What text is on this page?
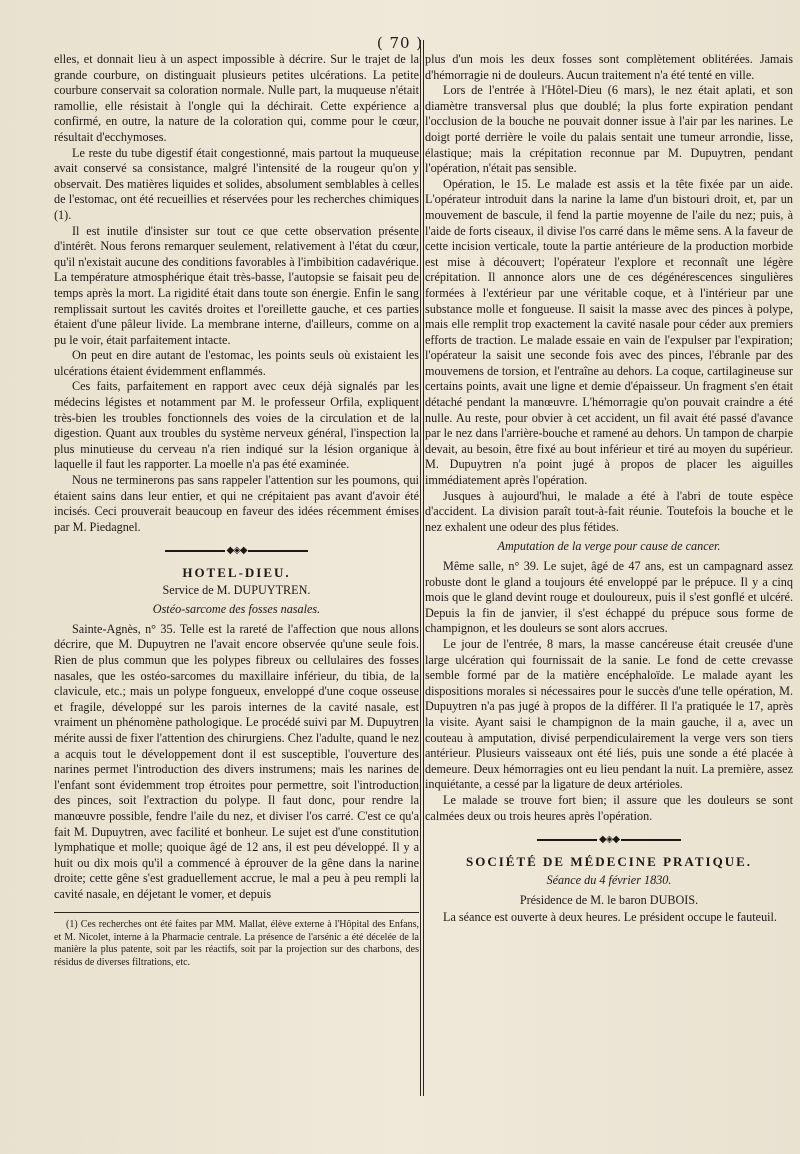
( 70 )

elles, et donnait lieu à un aspect impossible à décrire. Sur le trajet de la grande courbure, on distinguait plusieurs petites ulcérations. La petite courbure conservait sa coloration normale. Nulle part, la muqueuse n'était ramollie, elle résistait à l'ongle qui la déchirait. Cette expérience a confirmé, en outre, la nature de la coloration qui, comme pour le cœur, résultait d'ecchymoses.

Le reste du tube digestif était congestionné, mais partout la muqueuse avait conservé sa consistance, malgré l'intensité de la rougeur qu'on y observait. Des matières liquides et solides, absolument semblables à celles de l'estomac, ont été recueillies et réservées pour les recherches chimiques (1).

Il est inutile d'insister sur tout ce que cette observation présente d'intérêt. Nous ferons remarquer seulement, relativement à l'état du cœur, qu'il n'existait aucune des conditions favorables à l'imbibition cadavérique. La température atmosphérique était très-basse, l'autopsie se faisait peu de temps après la mort. La rigidité était dans toute son énergie. Enfin le sang remplissait surtout les cavités droites et l'oreillette gauche, et ces parties étaient d'une pâleur livide. La membrane interne, d'ailleurs, comme on a pu le voir, était parfaitement intacte.

On peut en dire autant de l'estomac, les points seuls où existaient les ulcérations étaient évidemment enflammés.

Ces faits, parfaitement en rapport avec ceux déjà signalés par les médecins légistes et notamment par M. le professeur Orfila, expliquent très-bien les troubles fonctionnels des voies de la circulation et de la digestion. Quant aux troubles du système nerveux général, l'inspection la plus minutieuse du cerveau n'a rien indiqué sur la lésion organique à laquelle il faut les rapporter. La moelle n'a pas été examinée.

Nous ne terminerons pas sans rappeler l'attention sur les poumons, qui étaient sains dans leur entier, et qui ne crépitaient pas avant d'avoir été incisés. Ceci prouverait beaucoup en faveur des idées récemment émises par M. Piedagnel.

◆◈◆
HOTEL-DIEU.
Service de M. DUPUYTREN.
Ostéo-sarcome des fosses nasales.

Sainte-Agnès, n° 35. Telle est la rareté de l'affection que nous allons décrire, que M. Dupuytren ne l'avait encore observée qu'une seule fois. Rien de plus commun que les polypes fibreux ou cellulaires des fosses nasales, que les ostéo-sarcomes du maxillaire inférieur, du tibia, de la clavicule, etc.; mais un polype fongueux, enveloppé d'une coque osseuse et fragile, développé sur les parois internes de la cavité nasale, est vraiment un phénomène pathologique. Le procédé suivi par M. Dupuytren mérite aussi de fixer l'attention des chirurgiens. Chez l'adulte, quand le nez a acquis tout le développement dont il est susceptible, l'ouverture des narines permet l'introduction des divers instrumens; mais les narines de l'enfant sont évidemment trop étroites pour permettre, soit l'introduction des pinces, soit l'extraction du polype. Il faut donc, pour rendre la manœuvre possible, fendre l'aile du nez, et diviser l'os carré. C'est ce qu'a fait M. Dupuytren, avec facilité et bonheur. Le sujet est d'une constitution lymphatique et molle; quoique âgé de 12 ans, il est peu développé. Il y a huit ou dix mois qu'il a commencé à éprouver de la gêne dans la narine droite; cette gêne s'est graduellement accrue, le mal a peu à peu rempli la cavité nasale, en déjetant le vomer, et depuis

(1) Ces recherches ont été faites par MM. Mallat, élève externe à l'Hôpital des Enfans, et M. Nicolet, interne à la Pharmacie centrale. La présence de l'arsénic a été décelée de la manière la plus patente, soit par les réactifs, soit par la projection sur des charbons, des résidus de diverses filtrations, etc.

plus d'un mois les deux fosses sont complètement oblitérées. Jamais d'hémorragie ni de douleurs. Aucun traitement n'a été tenté en ville.

Lors de l'entrée à l'Hôtel-Dieu (6 mars), le nez était aplati, et son diamètre transversal plus que doublé; la plus forte expiration pendant l'occlusion de la bouche ne pouvait donner issue à l'air par les narines. Le doigt porté derrière le voile du palais sentait une tumeur arrondie, lisse, élastique; mais la crépitation reconnue par M. Dupuytren, pendant l'opération, n'était pas sensible.

Opération, le 15. Le malade est assis et la tête fixée par un aide. L'opérateur introduit dans la narine la lame d'un bistouri droit, et, par un mouvement de bascule, il fend la partie moyenne de l'aile du nez; puis, à l'aide de forts ciseaux, il divise l'os carré dans le même sens. A la faveur de cette incision verticale, toute la partie antérieure de la production morbide est mise à découvert; l'opérateur l'explore et reconnaît une légère crépitation. Il annonce alors une de ces dégénérescences singulières formées à l'extérieur par une véritable coque, et à l'intérieur par une substance molle et fongueuse. Il saisit la masse avec des pinces à polype, mais elle remplit trop exactement la cavité nasale pour céder aux premiers efforts de traction. Le malade essaie en vain de l'expulser par l'expiration; l'opérateur la saisit une seconde fois avec des pinces, l'ébranle par des mouvemens de torsion, et l'entraîne au dehors. La coque, cartilagineuse sur certains points, avait une ligne et demie d'épaisseur. Un fragment s'en était détaché pendant la manœuvre. L'hémorragie qu'on pouvait craindre a été nulle. Au reste, pour obvier à cet accident, un fil avait été passé d'avance par le nez dans l'arrière-bouche et ramené au dehors. Un tampon de charpie devait, au besoin, être fixé au bout inférieur et tiré au moyen du supérieur. M. Dupuytren n'a point jugé à propos de placer les aiguilles immédiatement après l'opération.

Jusques à aujourd'hui, le malade a été à l'abri de toute espèce d'accident. La division paraît tout-à-fait réunie. Toutefois la bouche et le nez exhalent une odeur des plus fétides.

Amputation de la verge pour cause de cancer.

Même salle, n° 39. Le sujet, âgé de 47 ans, est un campagnard assez robuste dont le gland a toujours été enveloppé par le prépuce. Il y a cinq mois que le gland devint rouge et douloureux, puis il s'est gonflé et ulcéré. Depuis la fin de janvier, il s'est échappé du prépuce sous forme de champignon, et les douleurs se sont alors accrues.

Le jour de l'entrée, 8 mars, la masse cancéreuse était creusée d'une large ulcération qui fournissait de la sanie. Le fond de cette crevasse semble formé par de la matière encéphaloïde. Le malade ayant les dispositions morales si nécessaires pour le succès d'une telle opération, M. Dupuytren n'a pas jugé à propos de la différer. Il l'a pratiquée le 17, après la visite. Ayant saisi le champignon de la main gauche, il a, avec un couteau à amputation, divisé perpendiculairement la verge vers son tiers antérieur. Plusieurs vaisseaux ont été liés, puis une sonde a été placée à demeure. Deux hémorragies ont eu lieu pendant la nuit. La première, assez inquiétante, a cessé par la ligature de deux artérioles.

Le malade se trouve fort bien; il assure que les douleurs se sont calmées deux ou trois heures après l'opération.

◆◈◆
SOCIÉTÉ DE MÉDECINE PRATIQUE.
Séance du 4 février 1830.
Présidence de M. le baron DUBOIS.

La séance est ouverte à deux heures. Le président occupe le fauteuil.
